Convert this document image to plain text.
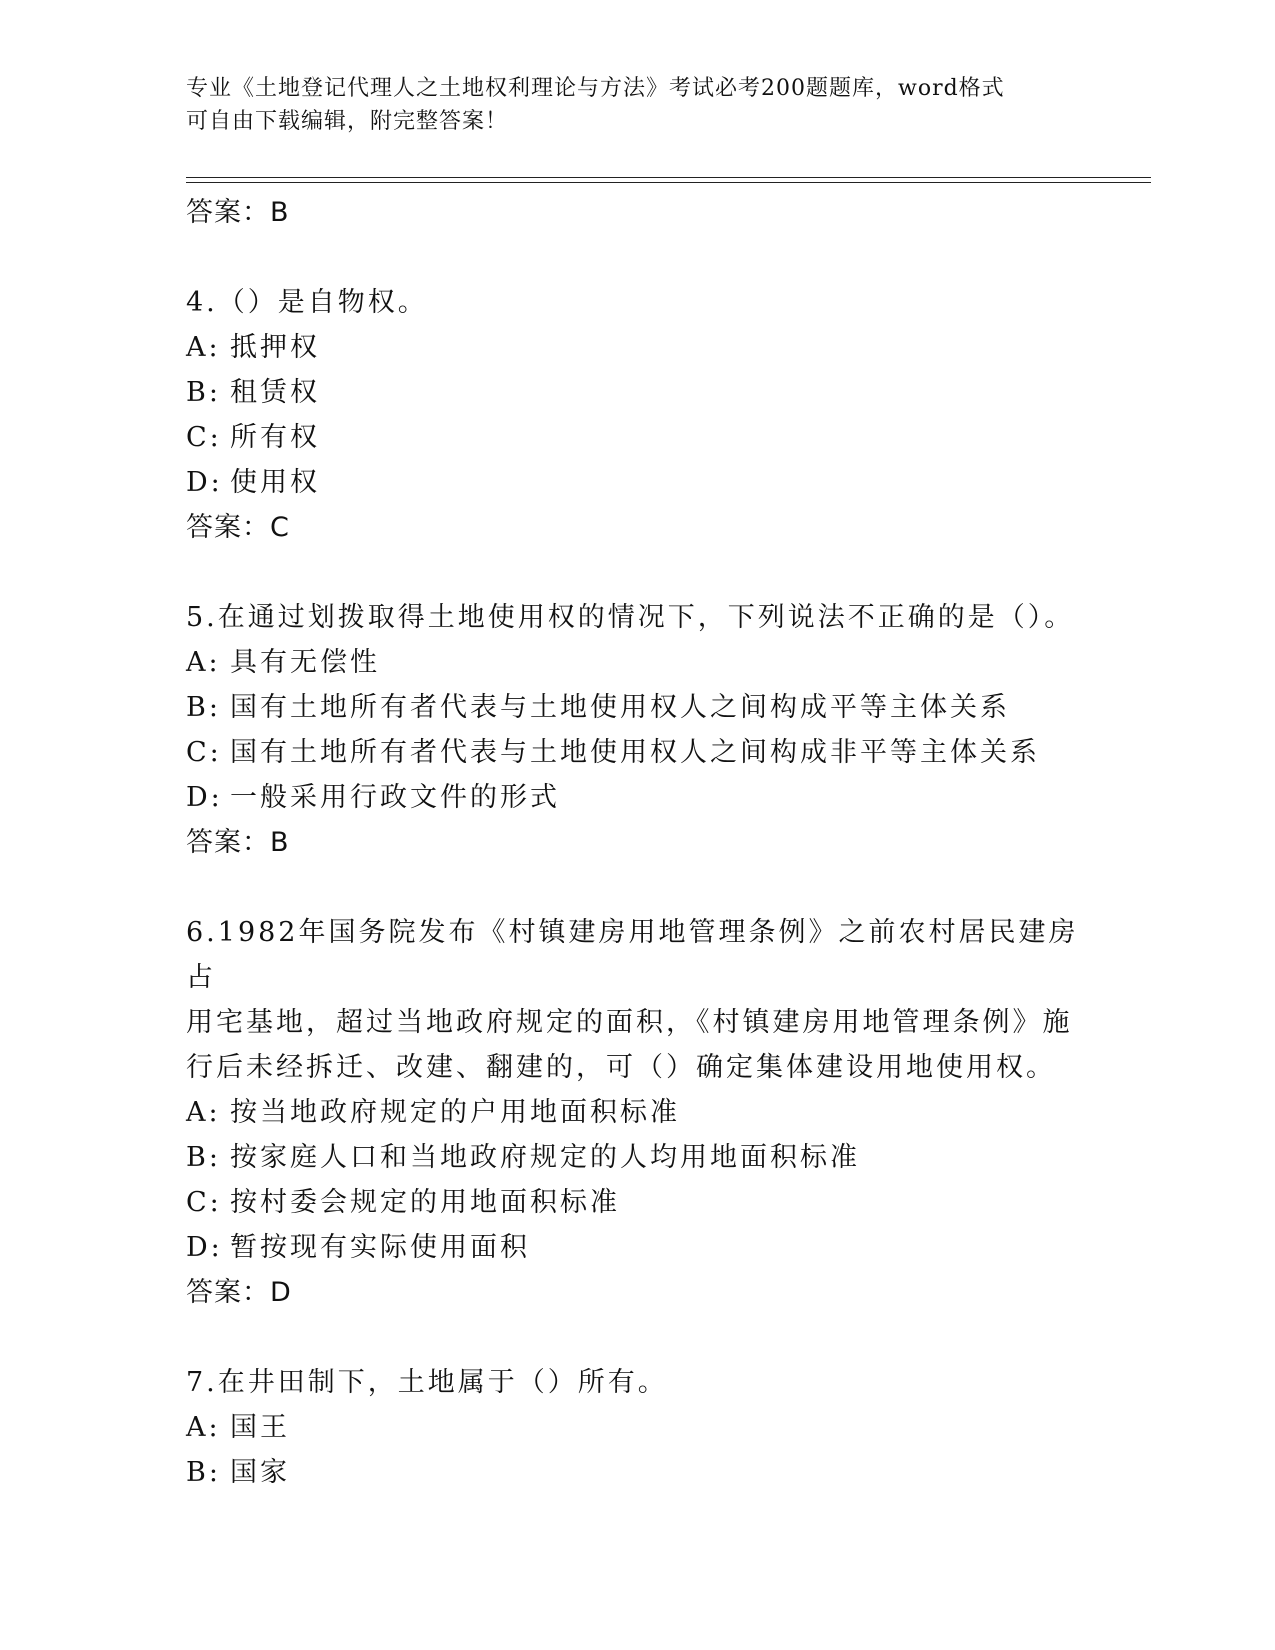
专业《土地登记代理人之土地权利理论与方法》考试必考200题题库，word格式
可自由下载编辑，附完整答案！
答案：B

4.（）是自物权。

A: 抵押权
B: 租赁权
C: 所有权
D: 使用权
答案：C

5.在通过划拨取得土地使用权的情况下，下列说法不正确的是（）。

A: 具有无偿性
B: 国有土地所有者代表与土地使用权人之间构成平等主体关系
C: 国有土地所有者代表与土地使用权人之间构成非平等主体关系
D: 一般采用行政文件的形式
答案：B

6.1982年国务院发布《村镇建房用地管理条例》之前农村居民建房占

用宅基地，超过当地政府规定的面积，《村镇建房用地管理条例》施

行后未经拆迁、改建、翻建的，可（）确定集体建设用地使用权。

A: 按当地政府规定的户用地面积标准
B: 按家庭人口和当地政府规定的人均用地面积标准
C: 按村委会规定的用地面积标准
D: 暂按现有实际使用面积
答案：D

7.在井田制下，土地属于（）所有。

A: 国王
B: 国家
